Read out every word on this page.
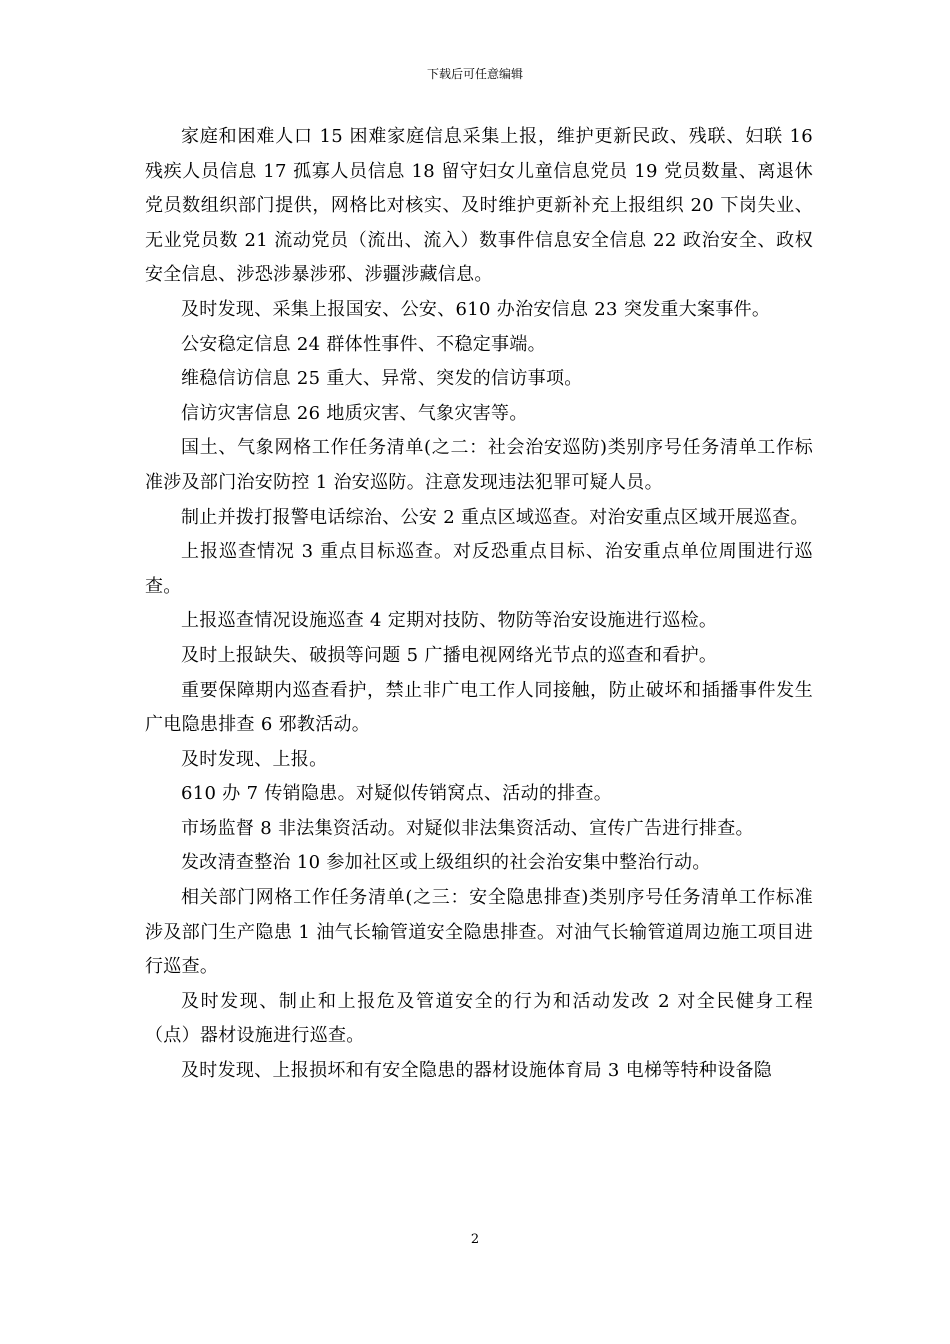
下载后可任意编辑

家庭和困难人口 15 困难家庭信息采集上报，维护更新民政、残联、妇联 16 残疾人员信息 17 孤寡人员信息 18 留守妇女儿童信息党员 19 党员数量、离退休党员数组织部门提供，网格比对核实、及时维护更新补充上报组织 20 下岗失业、无业党员数 21 流动党员（流出、流入）数事件信息安全信息 22 政治安全、政权安全信息、涉恐涉暴涉邪、涉疆涉藏信息。

及时发现、采集上报国安、公安、610 办治安信息 23 突发重大案事件。

公安稳定信息 24 群体性事件、不稳定事端。

维稳信访信息 25 重大、异常、突发的信访事项。

信访灾害信息 26 地质灾害、气象灾害等。

国土、气象网格工作任务清单(之二：社会治安巡防)类别序号任务清单工作标准涉及部门治安防控 1 治安巡防。注意发现违法犯罪可疑人员。

制止并拨打报警电话综治、公安 2 重点区域巡查。对治安重点区域开展巡查。

上报巡查情况 3 重点目标巡查。对反恐重点目标、治安重点单位周围进行巡查。

上报巡查情况设施巡查 4 定期对技防、物防等治安设施进行巡检。

及时上报缺失、破损等问题 5 广播电视网络光节点的巡查和看护。

重要保障期内巡查看护，禁止非广电工作人同接触，防止破坏和插播事件发生广电隐患排查 6 邪教活动。

及时发现、上报。

610 办 7 传销隐患。对疑似传销窝点、活动的排查。

市场监督 8 非法集资活动。对疑似非法集资活动、宣传广告进行排查。

发改清查整治 10 参加社区或上级组织的社会治安集中整治行动。

相关部门网格工作任务清单(之三：安全隐患排查)类别序号任务清单工作标准涉及部门生产隐患 1 油气长输管道安全隐患排查。对油气长输管道周边施工项目进行巡查。

及时发现、制止和上报危及管道安全的行为和活动发改 2 对全民健身工程（点）器材设施进行巡查。

及时发现、上报损坏和有安全隐患的器材设施体育局 3 电梯等特种设备隐

2
